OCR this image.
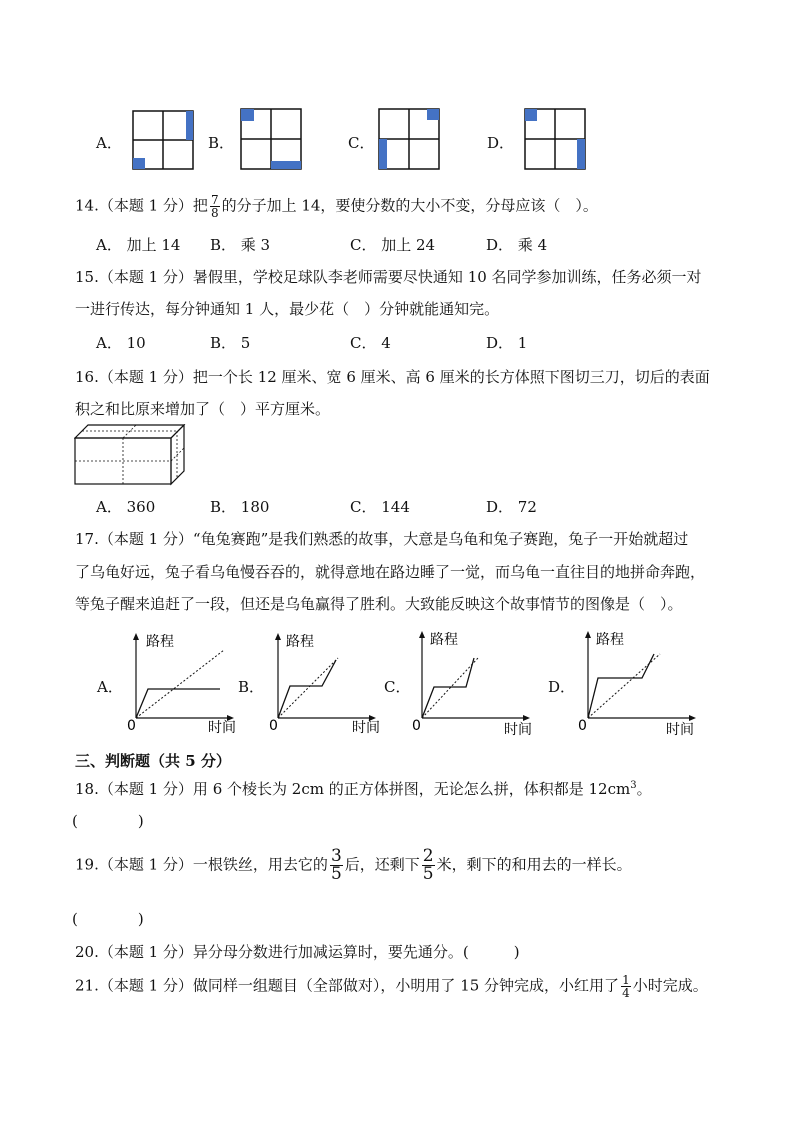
A．	B．	C．	D．
14.（本题 1 分）把 $\frac{7}{8}$ 的分子加上 14，要使分数的大小不变，分母应该（　）。
A． 加上 14 B． 乘 3	C． 加上 24	D． 乘 4
15.（本题 1 分）暑假里，学校足球队李老师需要尽快通知 10 名同学参加训练，任务必须一对
一进行传达，每分钟通知 1 人，最少花（　）分钟就能通知完。
A． 10	B． 5	C． 4	D． 1
16.（本题 1 分）把一个长 12 厘米、宽 6 厘米、高 6 厘米的长方体照下图切三刀，切后的表面
积之和比原来增加了（　）平方厘米。
A． 360	B． 180	C． 144	D． 72
17.（本题 1 分）“龟兔赛跑”是我们熟悉的故事，大意是乌龟和兔子赛跑，兔子一开始就超过
了乌龟好远，兔子看乌龟慢吞吞的，就得意地在路边睡了一觉，而乌龟一直往目的地拼命奔跑，
等兔子醒来追赶了一段，但还是乌龟赢得了胜利。大致能反映这个故事情节的图像是（　）。
A．
路程
0	时间
B．
路程
0	时间
C．
路程
0	时间
D．
路程
0	时间
三、判断题（共 5 分）
18.（本题 1 分）用 6 个棱长为 2cm 的正方体拼图，无论怎么拼，体积都是 $12cm^3$。
(　　　　)
19.（本题 1 分）一根铁丝，用去它的 $\frac{3}{5}$ 后，还剩下 $\frac{2}{5}$ 米，剩下的和用去的一样长。
(　　　　)
20.（本题 1 分）异分母分数进行加减运算时，要先通分。(　　　)
21.（本题 1 分）做同样一组题目（全部做对），小明用了 15 分钟完成，小红用了 $\frac{1}{4}$ 小时完成。
